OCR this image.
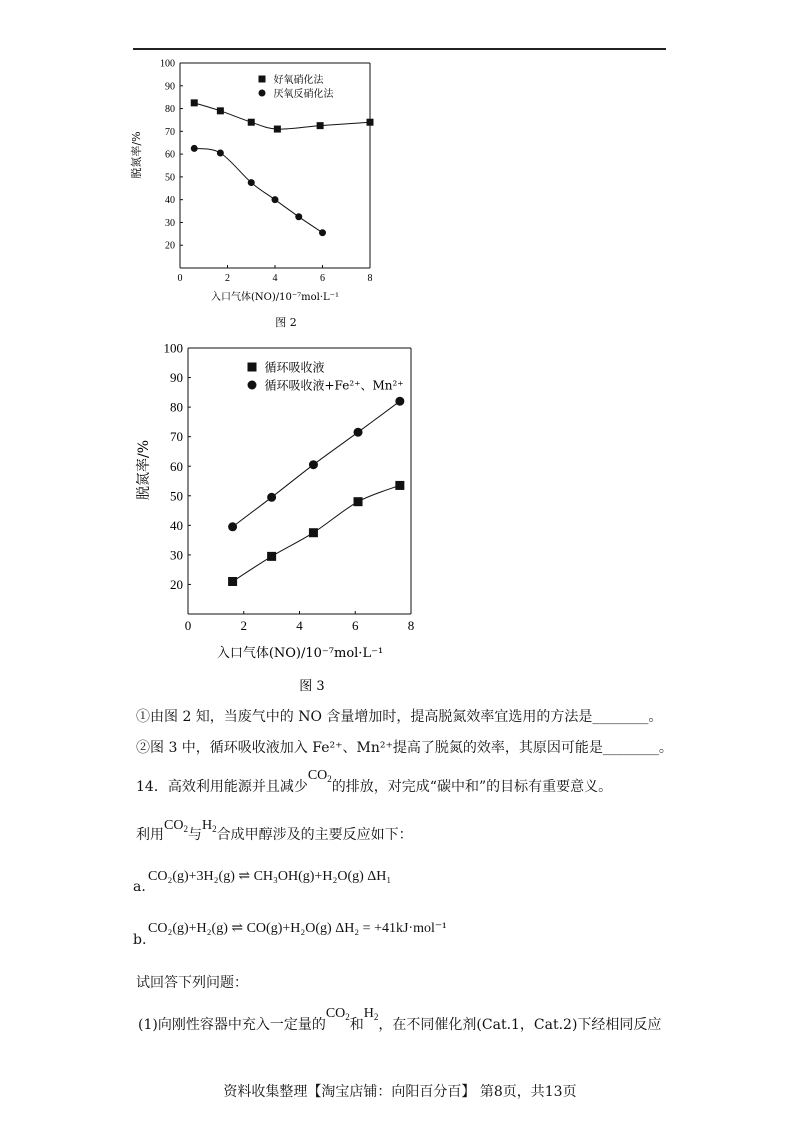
20
30
40
50
60
70
80
90
100
0	2	4	6	8
脱氮率/%
入口气体(NO)/10⁻⁷mol·L⁻¹
图 2
好氧硝化法
厌氧反硝化法
20
30
40
50
60
70
80
90
100
0	2	4	6	8
脱氮率/%
入口气体(NO)/10⁻⁷mol·L⁻¹
图 3
循环吸收液
循环吸收液+Fe²⁺、Mn²⁺
①由图 2 知，当废气中的 NO 含量增加时，提高脱氮效率宜选用的方法是________。
②图 3 中，循环吸收液加入 Fe²⁺、Mn²⁺提高了脱氮的效率，其原因可能是________。
14．高效利用能源并且减少$CO_2$的排放，对完成“碳中和”的目标有重要意义。
利用$CO_2$与$H_2$合成甲醇涉及的主要反应如下：
a.
CO₂(g)+3H₂(g) ⇌ CH₃OH(g)+H₂O(g) ΔH₁
b.
CO₂(g)+H₂(g) ⇌ CO(g)+H₂O(g) ΔH₂ = +41kJ·mol⁻¹
试回答下列问题：
(1)向刚性容器中充入一定量的$CO_2$和$H_2$，在不同催化剂(Cat.1，Cat.2)下经相同反应
资料收集整理【淘宝店铺：向阳百分百】 第8页，共13页
